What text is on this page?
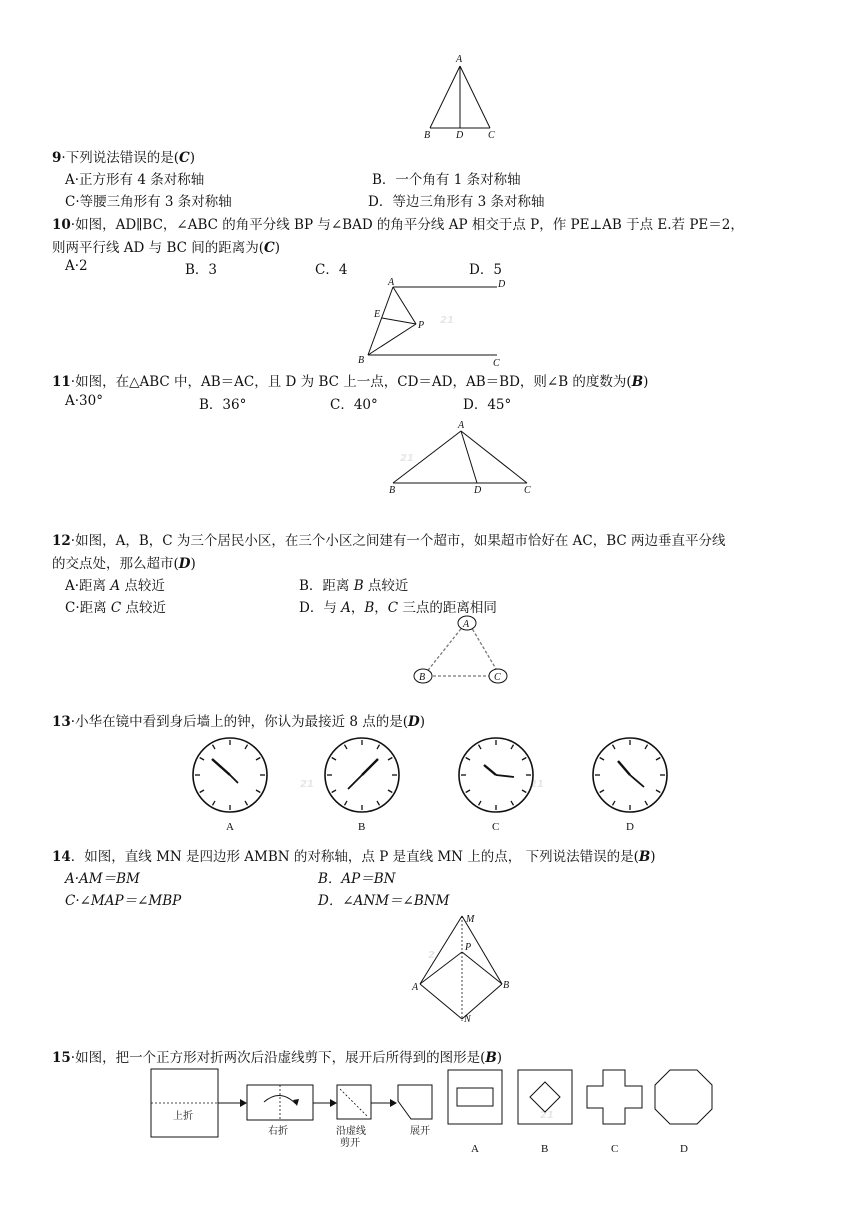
A
B	D C
9·下列说法错误的是(C)
A·正方形有 4 条对称轴	B．一个角有 1 条对称轴
C·等腰三角形有 3 条对称轴	D．等边三角形有 3 条对称轴
10·如图，AD∥BC，∠ABC 的角平分线 BP 与∠BAD 的角平分线 AP 相交于点 P，作 PE⊥AB 于点 E.若 PE＝2，
则两平行线 AD 与 BC 间的距离为(C)
A·2	B．3	C．4	D．5
21
A	D
E
P
B	C
11·如图，在△ABC 中，AB＝AC，且 D 为 BC 上一点，CD＝AD，AB＝BD，则∠B 的度数为(B)
A·30°	B．36°	C．40°	D．45°
21
A
B	D	C
12·如图，A，B，C 为三个居民小区，在三个小区之间建有一个超市，如果超市恰好在 AC，BC 两边垂直平分线
的交点处，那么超市(D)
A·距离 A 点较近	B．距离 B 点较近
C·距离 C 点较近	D．与 A，B，C 三点的距离相同
A
B	C
13·小华在镜中看到身后墙上的钟，你认为最接近 8 点的是(D)
21	21
A	B	C	D
14．如图，直线 MN 是四边形 AMBN 的对称轴，点 P 是直线 MN 上的点， 下列说法错误的是(B)
A·AM＝BM	B．AP＝BN
C·∠MAP＝∠MBP	D．∠ANM＝∠BNM
2
M
P
A	B
N
15·如图，把一个正方形对折两次后沿虚线剪下，展开后所得到的图形是(B)
21
上折
右折	沿虚线
剪开
展开
A	B	C	D
